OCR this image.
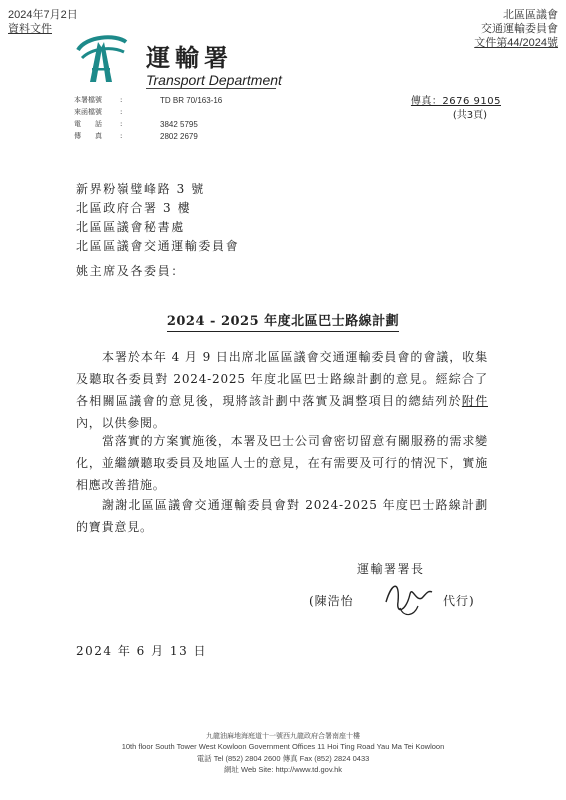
2024年7月2日
資料文件
北區區議會
交通運輸委員會
文件第44/2024號
運輸署
Transport Department
本署檔號	:	TD BR 70/163-16
來函檔號	:
電　　話	:	3842 5795
傳　　真	:	2802 2679
傳真：2676 9105
(共3頁)
新界粉嶺璧峰路 3 號
北區政府合署 3 樓
北區區議會秘書處
北區區議會交通運輸委員會
姚主席及各委員：
2024 - 2025 年度北區巴士路線計劃
本署於本年 4 月 9 日出席北區區議會交通運輸委員會的會議，收集及聽取各委員對 2024-2025 年度北區巴士路線計劃的意見。經綜合了各相關區議會的意見後，現將該計劃中落實及調整項目的總結列於附件內，以供參閱。
當落實的方案實施後，本署及巴士公司會密切留意有關服務的需求變化，並繼續聽取委員及地區人士的意見，在有需要及可行的情況下，實施相應改善措施。
謝謝北區區議會交通運輸委員會對 2024-2025 年度巴士路線計劃的寶貴意見。
運輸署署長
(陳浩怡	代行)
2024 年 6 月 13 日
九龍油麻地海庭道十一號西九龍政府合署南座十樓
10th floor South Tower West Kowloon Government Offices 11 Hoi Ting Road Yau Ma Tei Kowloon
電話 Tel (852) 2804 2600 傳真 Fax (852) 2824 0433
網址 Web Site: http://www.td.gov.hk
